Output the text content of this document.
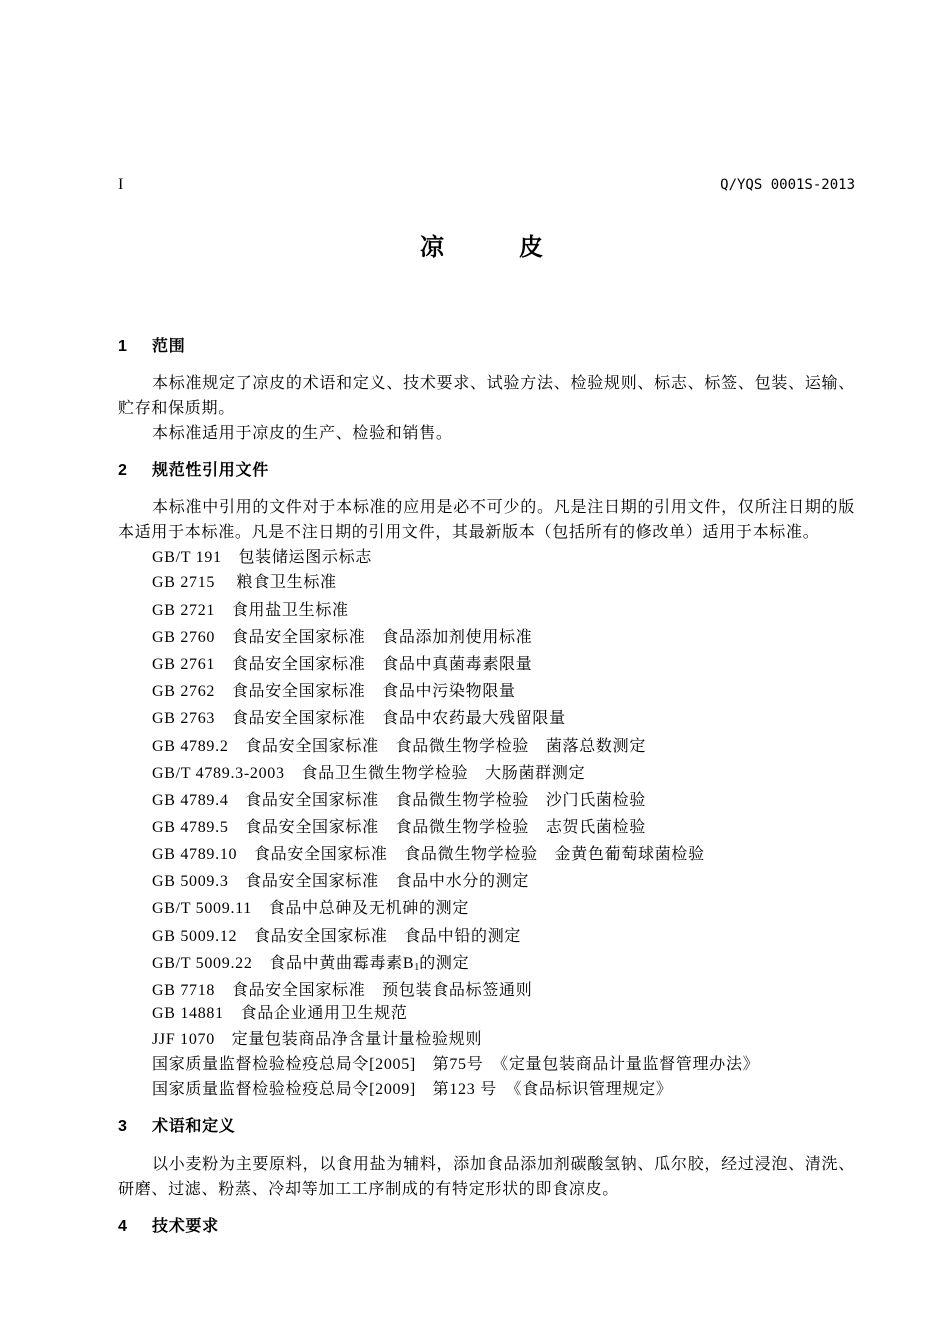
I	Q/YQS 0001S-2013
凉　　皮
1 范围
本标准规定了凉皮的术语和定义、技术要求、试验方法、检验规则、标志、标签、包装、运输、
贮存和保质期。
本标准适用于凉皮的生产、检验和销售。
2 规范性引用文件
本标准中引用的文件对于本标准的应用是必不可少的。凡是注日期的引用文件，仅所注日期的版
本适用于本标准。凡是不注日期的引用文件，其最新版本（包括所有的修改单）适用于本标准。
GB/T 191　包装储运图示标志
GB 2715　 粮食卫生标准
GB 2721　食用盐卫生标准
GB 2760　食品安全国家标准　食品添加剂使用标准
GB 2761　食品安全国家标准　食品中真菌毒素限量
GB 2762　食品安全国家标准　食品中污染物限量
GB 2763　食品安全国家标准　食品中农药最大残留限量
GB 4789.2　食品安全国家标准　食品微生物学检验　菌落总数测定
GB/T 4789.3-2003　食品卫生微生物学检验　大肠菌群测定
GB 4789.4　食品安全国家标准　食品微生物学检验　沙门氏菌检验
GB 4789.5　食品安全国家标准　食品微生物学检验　志贺氏菌检验
GB 4789.10　食品安全国家标准　食品微生物学检验　金黄色葡萄球菌检验
GB 5009.3　食品安全国家标准　食品中水分的测定
GB/T 5009.11　食品中总砷及无机砷的测定
GB 5009.12　食品安全国家标准　食品中铅的测定
GB/T 5009.22　食品中黄曲霉毒素$B_1$的测定
GB 7718　食品安全国家标准　预包装食品标签通则
GB 14881　食品企业通用卫生规范
JJF 1070　定量包装商品净含量计量检验规则
国家质量监督检验检疫总局令[2005]　第75号　《定量包装商品计量监督管理办法》
国家质量监督检验检疫总局令[2009]　第123 号　《食品标识管理规定》
3 术语和定义
以小麦粉为主要原料，以食用盐为辅料，添加食品添加剂碳酸氢钠、瓜尔胶，经过浸泡、清洗、
研磨、过滤、粉蒸、冷却等加工工序制成的有特定形状的即食凉皮。
4 技术要求
